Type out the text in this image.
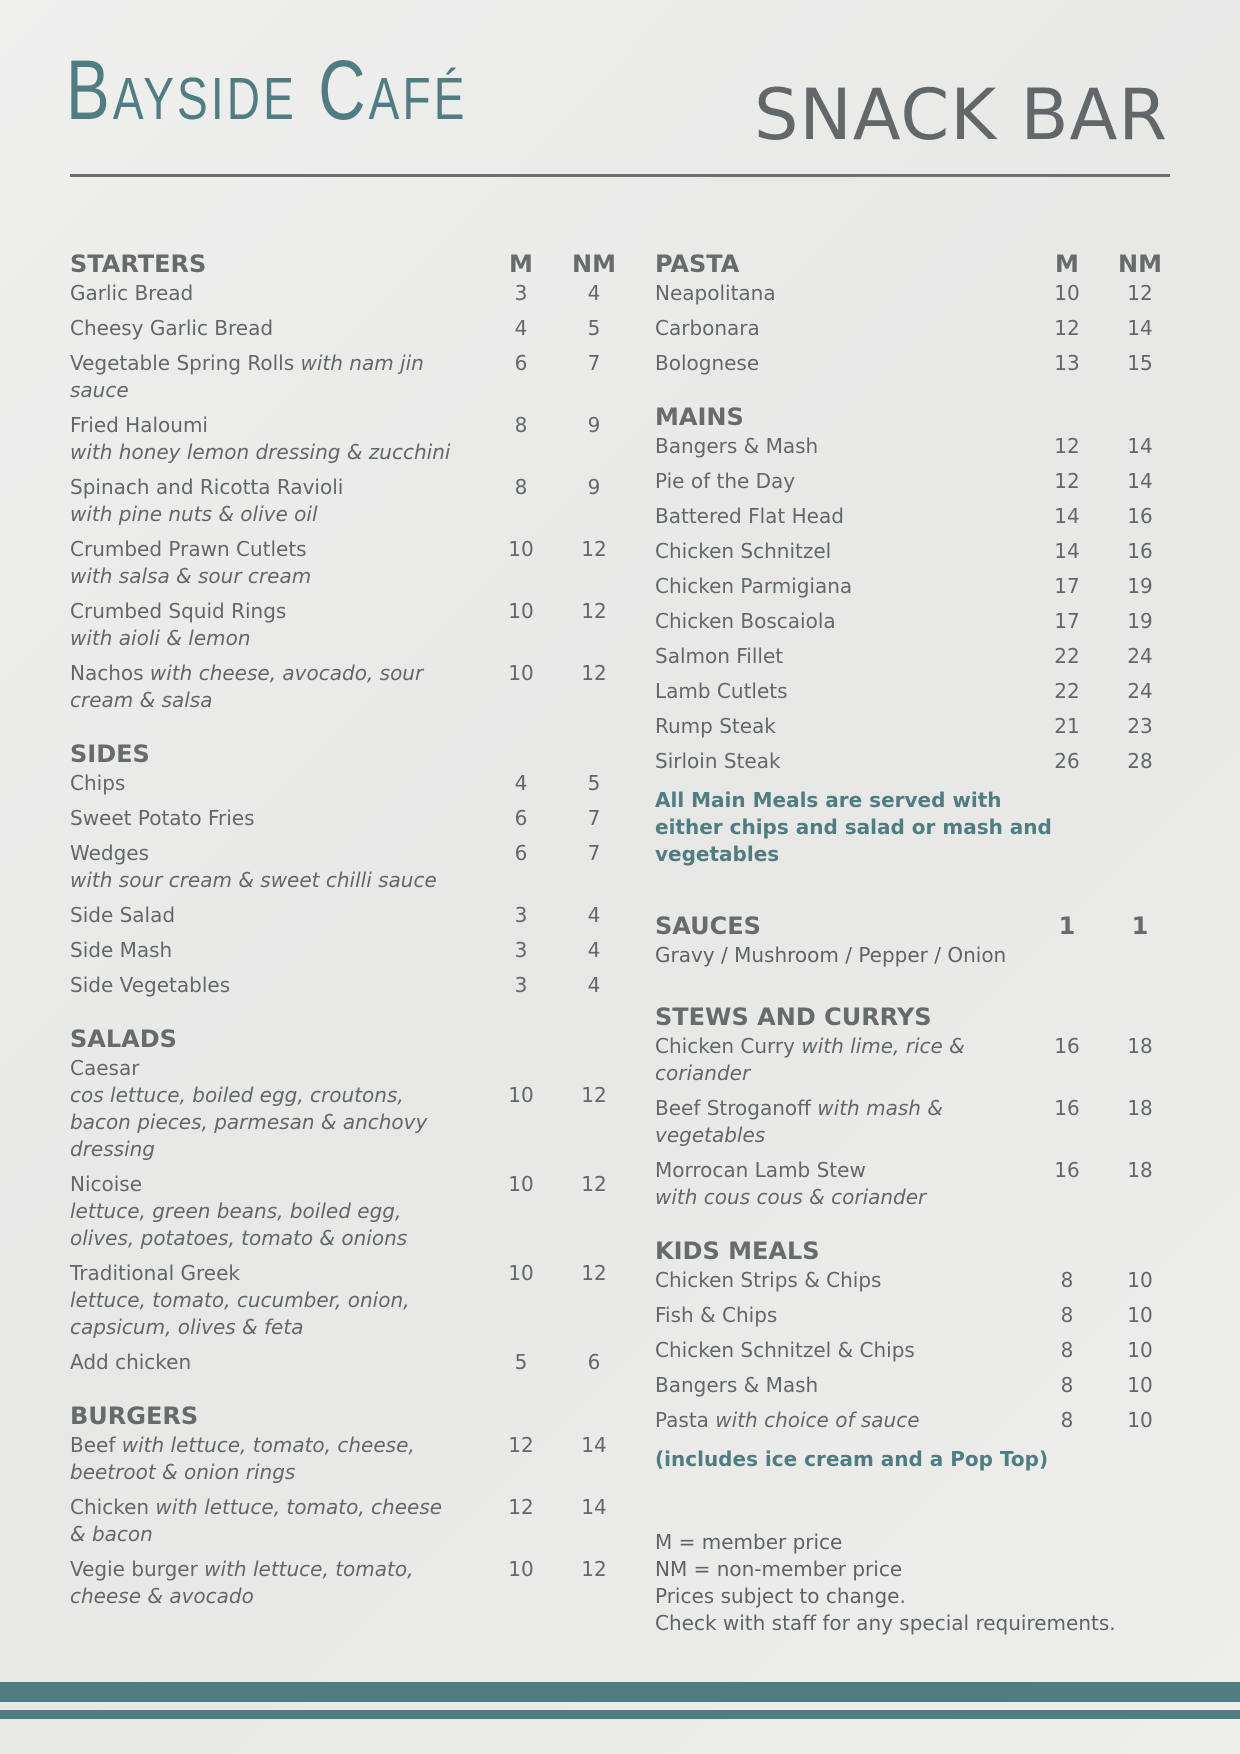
Bayside Café	SNACK BAR
STARTERS	M	NM
Garlic Bread	3	4
Cheesy Garlic Bread	4	5
Vegetable Spring Rolls with nam jin sauce
6	7
Fried Haloumi
with honey lemon dressing & zucchini
8	9
Spinach and Ricotta Ravioli
with pine nuts & olive oil
8	9
Crumbed Prawn Cutlets
with salsa & sour cream
10	12
Crumbed Squid Rings
with aioli & lemon
10	12
Nachos with cheese, avocado, sour cream & salsa
10	12
SIDES
Chips	4	5
Sweet Potato Fries	6	7
Wedges
with sour cream & sweet chilli sauce
6	7
Side Salad	3	4
Side Mash	3	4
Side Vegetables	3	4
SALADS
Caesar
cos lettuce, boiled egg, croutons, bacon pieces, parmesan & anchovy dressing
10	12
Nicoise
lettuce, green beans, boiled egg, olives, potatoes, tomato & onions
10	12
Traditional Greek
lettuce, tomato, cucumber, onion, capsicum, olives & feta
10	12
Add chicken	5	6
BURGERS
Beef with lettuce, tomato, cheese, beetroot & onion rings
12	14
Chicken with lettuce, tomato, cheese & bacon
12	14
Vegie burger with lettuce, tomato, cheese & avocado
10	12
PASTA	M	NM
Neapolitana	10	12
Carbonara	12	14
Bolognese	13	15
MAINS
Bangers & Mash	12	14
Pie of the Day	12	14
Battered Flat Head	14	16
Chicken Schnitzel	14	16
Chicken Parmigiana	17	19
Chicken Boscaiola	17	19
Salmon Fillet	22	24
Lamb Cutlets	22	24
Rump Steak	21	23
Sirloin Steak	26	28
All Main Meals are served with either chips and salad or mash and vegetables
SAUCES	1	1
Gravy / Mushroom / Pepper / Onion
STEWS AND CURRYS
Chicken Curry with lime, rice & coriander
16	18
Beef Stroganoff with mash & vegetables
16	18
Morrocan Lamb Stew
with cous cous & coriander
16	18
KIDS MEALS
Chicken Strips & Chips	8	10
Fish & Chips	8	10
Chicken Schnitzel & Chips	8	10
Bangers & Mash	8	10
Pasta with choice of sauce	8	10
(includes ice cream and a Pop Top)
M = member price
NM = non-member price
Prices subject to change.
Check with staff for any special requirements.
